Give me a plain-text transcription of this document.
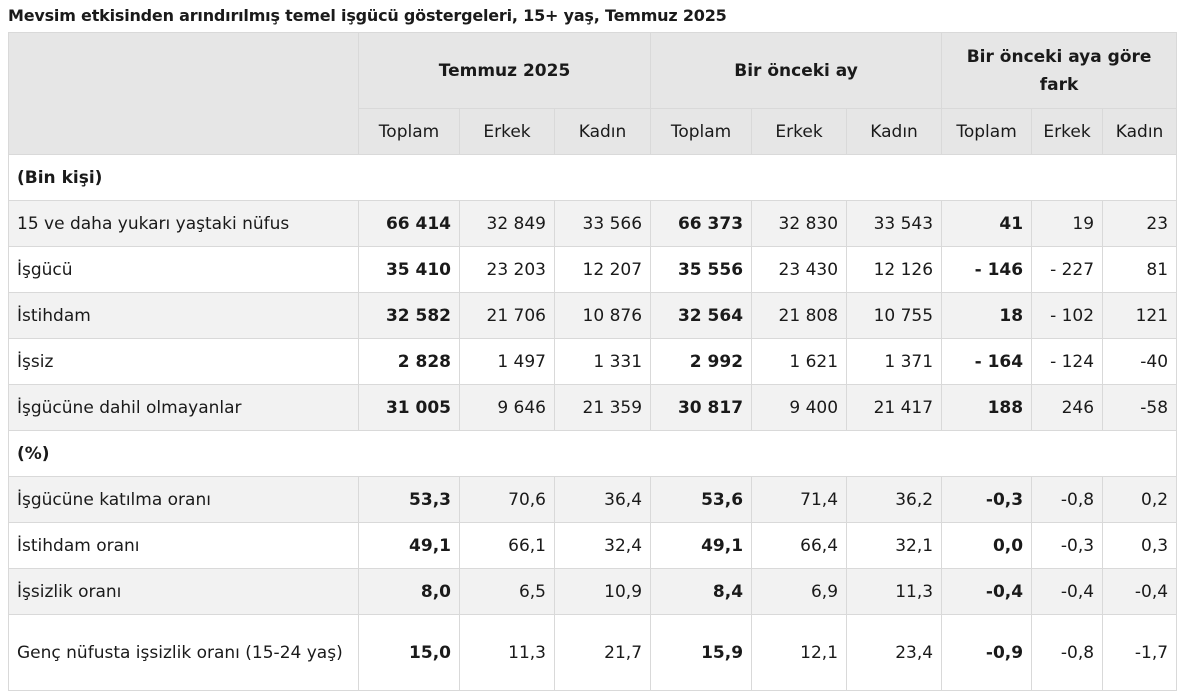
Mevsim etkisinden arındırılmış temel işgücü göstergeleri, 15+ yaş, Temmuz 2025
	Temmuz 2025			Bir önceki ay			Bir önceki aya göre fark		
	Toplam	Erkek	Kadın	Toplam	Erkek	Kadın	Toplam	Erkek	Kadın
(Bin kişi)									
15 ve daha yukarı yaştaki nüfus	66 414	32 849	33 566	66 373	32 830	33 543	41	19	23
İşgücü	35 410	23 203	12 207	35 556	23 430	12 126	- 146	- 227	81
İstihdam	32 582	21 706	10 876	32 564	21 808	10 755	18	- 102	121
İşsiz	2 828	1 497	1 331	2 992	1 621	1 371	- 164	- 124	-40
İşgücüne dahil olmayanlar	31 005	9 646	21 359	30 817	9 400	21 417	188	246	-58
(%)									
İşgücüne katılma oranı	53,3	70,6	36,4	53,6	71,4	36,2	-0,3	-0,8	0,2
İstihdam oranı	49,1	66,1	32,4	49,1	66,4	32,1	0,0	-0,3	0,3
İşsizlik oranı	8,0	6,5	10,9	8,4	6,9	11,3	-0,4	-0,4	-0,4
Genç nüfusta işsizlik oranı (15-24 yaş)	15,0	11,3	21,7	15,9	12,1	23,4	-0,9	-0,8	-1,7
